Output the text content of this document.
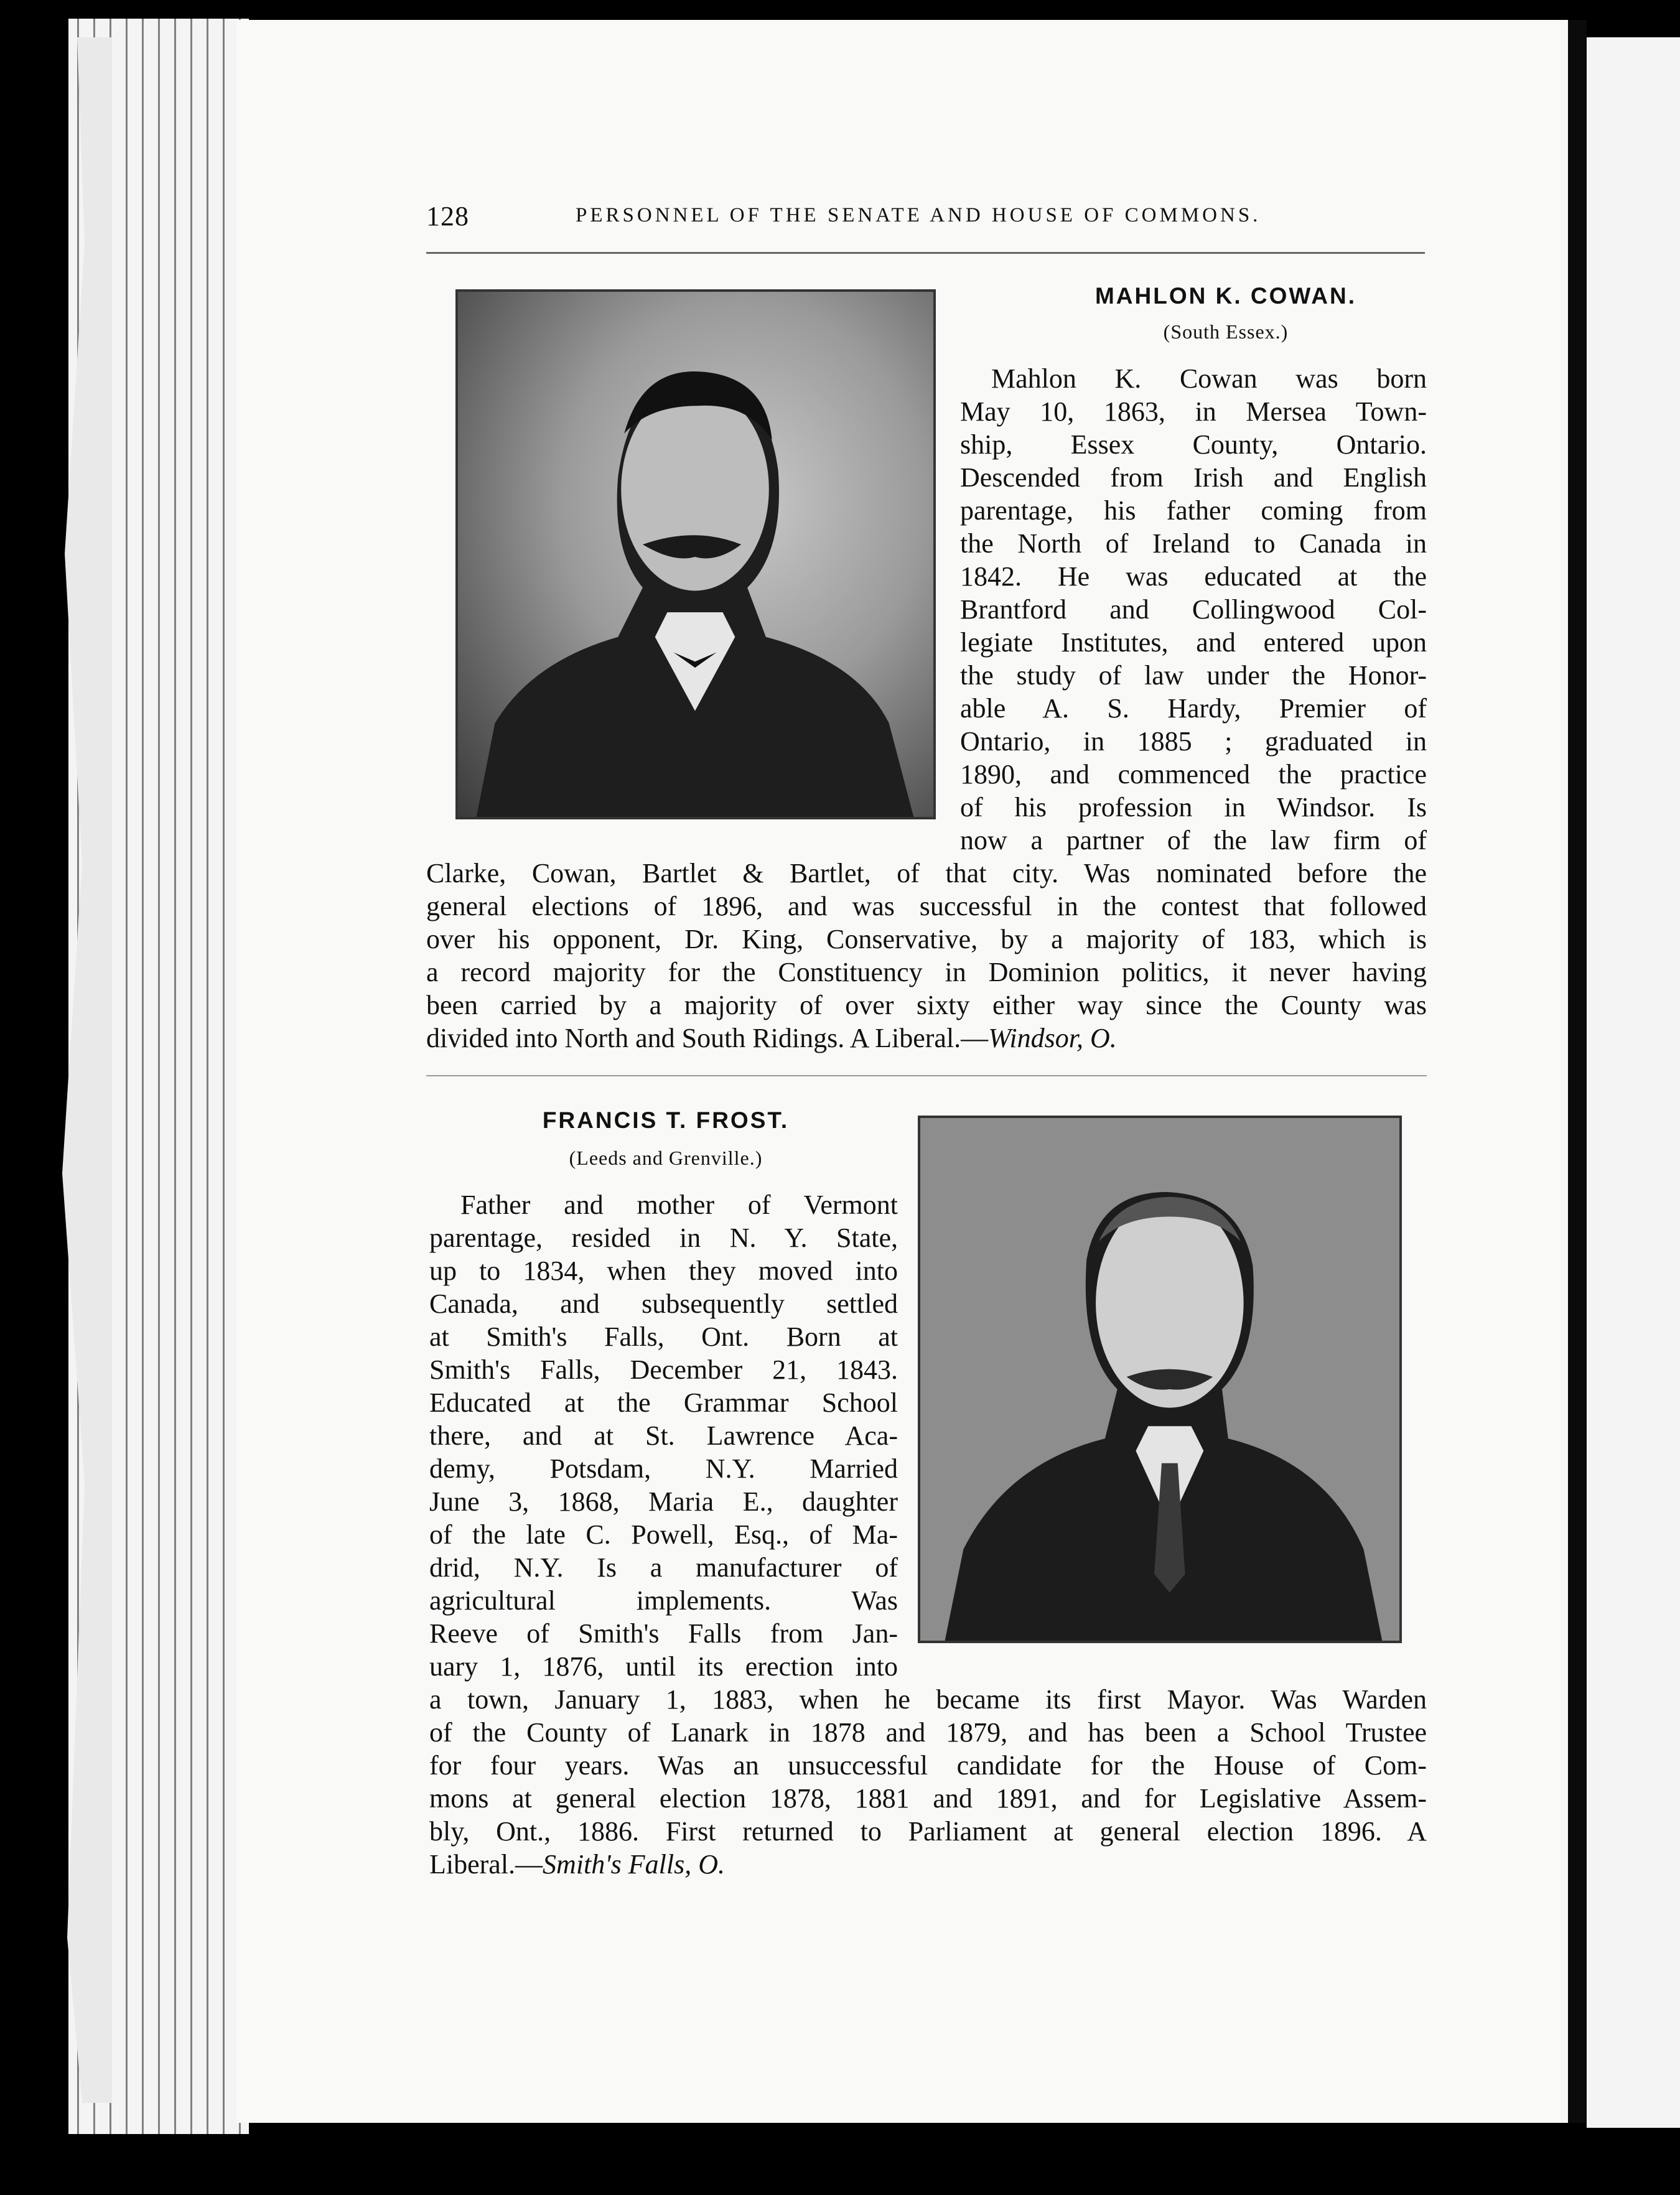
128	PERSONNEL OF THE SENATE AND HOUSE OF COMMONS.
MAHLON K. COWAN.
(South Essex.)
Mahlon K. Cowan was born
May 10, 1863, in Mersea Town-
ship, Essex County, Ontario.
Descended from Irish and English
parentage, his father coming from
the North of Ireland to Canada in
1842. He was educated at the
Brantford and Collingwood Col-
legiate Institutes, and entered upon
the study of law under the Honor-
able A. S. Hardy, Premier of
Ontario, in 1885 ; graduated in
1890, and commenced the practice
of his profession in Windsor. Is
now a partner of the law firm of
Clarke, Cowan, Bartlet & Bartlet, of that city. Was nominated before the
general elections of 1896, and was successful in the contest that followed
over his opponent, Dr. King, Conservative, by a majority of 183, which is
a record majority for the Constituency in Dominion politics, it never having
been carried by a majority of over sixty either way since the County was
divided into North and South Ridings. A Liberal.—Windsor, O.
FRANCIS T. FROST.
(Leeds and Grenville.)
Father and mother of Vermont
parentage, resided in N. Y. State,
up to 1834, when they moved into
Canada, and subsequently settled
at Smith's Falls, Ont. Born at
Smith's Falls, December 21, 1843.
Educated at the Grammar School
there, and at St. Lawrence Aca-
demy, Potsdam, N.Y. Married
June 3, 1868, Maria E., daughter
of the late C. Powell, Esq., of Ma-
drid, N.Y. Is a manufacturer of
agricultural implements. Was
Reeve of Smith's Falls from Jan-
uary 1, 1876, until its erection into
a town, January 1, 1883, when he became its first Mayor. Was Warden
of the County of Lanark in 1878 and 1879, and has been a School Trustee
for four years. Was an unsuccessful candidate for the House of Com-
mons at general election 1878, 1881 and 1891, and for Legislative Assem-
bly, Ont., 1886. First returned to Parliament at general election 1896. A
Liberal.—Smith's Falls, O.
